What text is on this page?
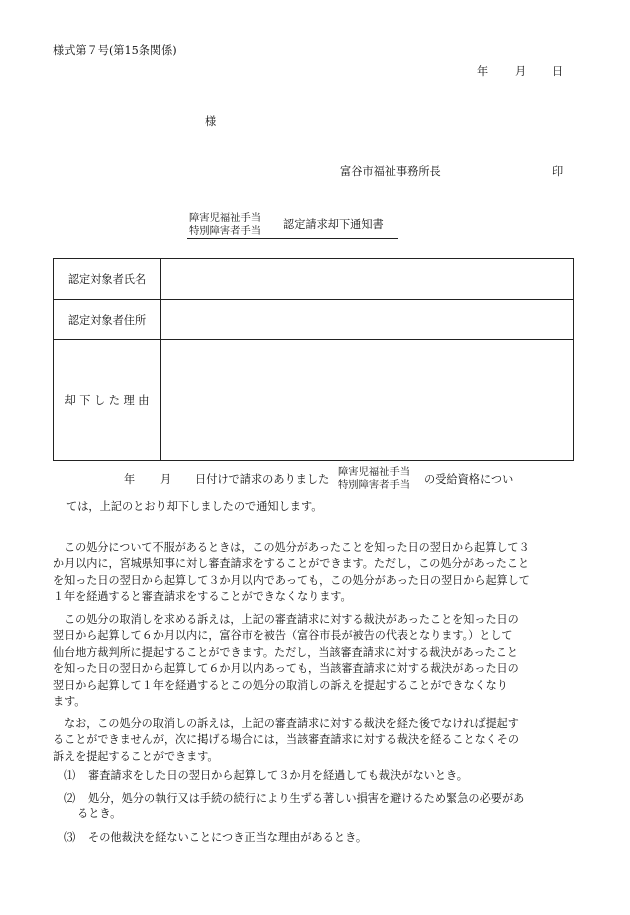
様式第７号(第15条関係)
年 月 日
様
富谷市福祉事務所長	印
障害児福祉手当
特別障害者手当 認定請求却下通知書
認定対象者氏名	
認定対象者住所	
却 下 し た 理 由	
年 月 日付けで請求のありました
障害児福祉手当
特別障害者手当 の受給資格につい
ては，上記のとおり却下しましたので通知します。
この処分について不服があるときは，この処分があったことを知った日の翌日から起算して３
か月以内に，宮城県知事に対し審査請求をすることができます。ただし，この処分があったこと
を知った日の翌日から起算して３か月以内であっても，この処分があった日の翌日から起算して
１年を経過すると審査請求をすることができなくなります。
この処分の取消しを求める訴えは，上記の審査請求に対する裁決があったことを知った日の
翌日から起算して６か月以内に，富谷市を被告（富谷市長が被告の代表となります。）として
仙台地方裁判所に提起することができます。ただし，当該審査請求に対する裁決があったこと
を知った日の翌日から起算して６か月以内あっても，当該審査請求に対する裁決があった日の
翌日から起算して１年を経過するとこの処分の取消しの訴えを提起することができなくなり
ます。
なお，この処分の取消しの訴えは，上記の審査請求に対する裁決を経た後でなければ提起す
ることができませんが，次に掲げる場合には，当該審査請求に対する裁決を経ることなくその
訴えを提起することができます。
⑴ 審査請求をした日の翌日から起算して３か月を経過しても裁決がないとき。
⑵ 処分，処分の執行又は手続の続行により生ずる著しい損害を避けるため緊急の必要があ
るとき。
⑶ その他裁決を経ないことにつき正当な理由があるとき。
